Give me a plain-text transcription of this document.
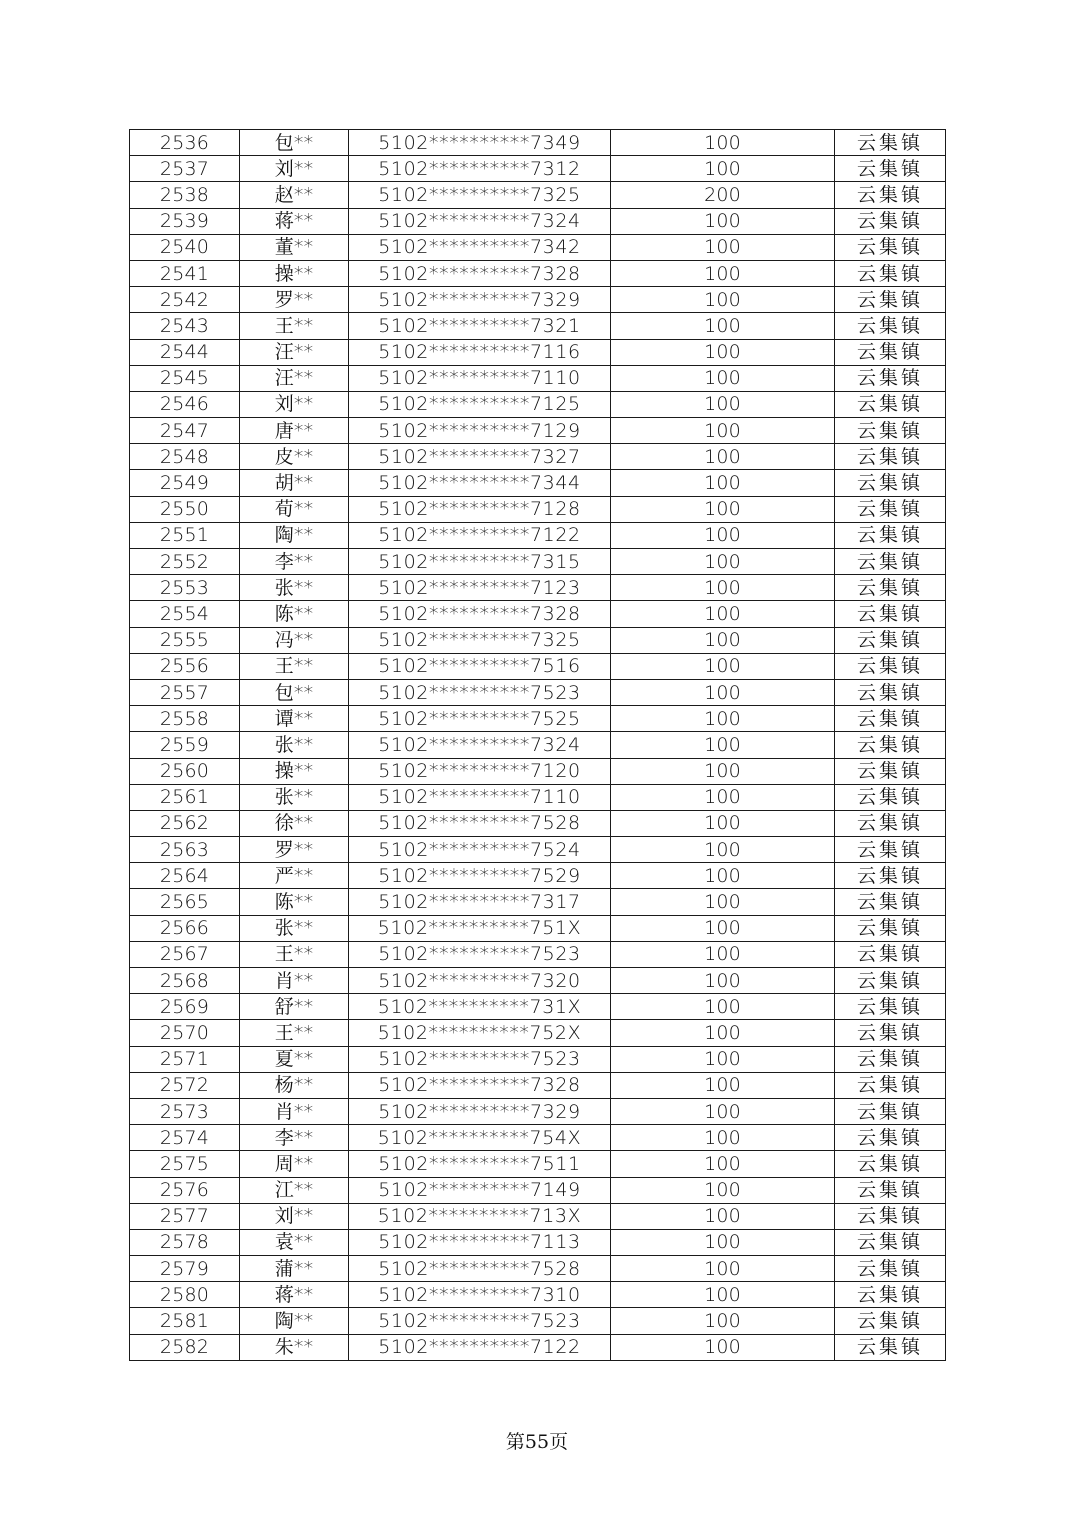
2536	包**	5102**********7349	100	云集镇
2537	刘**	5102**********7312	100	云集镇
2538	赵**	5102**********7325	200	云集镇
2539	蒋**	5102**********7324	100	云集镇
2540	董**	5102**********7342	100	云集镇
2541	操**	5102**********7328	100	云集镇
2542	罗**	5102**********7329	100	云集镇
2543	王**	5102**********7321	100	云集镇
2544	汪**	5102**********7116	100	云集镇
2545	汪**	5102**********7110	100	云集镇
2546	刘**	5102**********7125	100	云集镇
2547	唐**	5102**********7129	100	云集镇
2548	皮**	5102**********7327	100	云集镇
2549	胡**	5102**********7344	100	云集镇
2550	荀**	5102**********7128	100	云集镇
2551	陶**	5102**********7122	100	云集镇
2552	李**	5102**********7315	100	云集镇
2553	张**	5102**********7123	100	云集镇
2554	陈**	5102**********7328	100	云集镇
2555	冯**	5102**********7325	100	云集镇
2556	王**	5102**********7516	100	云集镇
2557	包**	5102**********7523	100	云集镇
2558	谭**	5102**********7525	100	云集镇
2559	张**	5102**********7324	100	云集镇
2560	操**	5102**********7120	100	云集镇
2561	张**	5102**********7110	100	云集镇
2562	徐**	5102**********7528	100	云集镇
2563	罗**	5102**********7524	100	云集镇
2564	严**	5102**********7529	100	云集镇
2565	陈**	5102**********7317	100	云集镇
2566	张**	5102**********751X	100	云集镇
2567	王**	5102**********7523	100	云集镇
2568	肖**	5102**********7320	100	云集镇
2569	舒**	5102**********731X	100	云集镇
2570	王**	5102**********752X	100	云集镇
2571	夏**	5102**********7523	100	云集镇
2572	杨**	5102**********7328	100	云集镇
2573	肖**	5102**********7329	100	云集镇
2574	李**	5102**********754X	100	云集镇
2575	周**	5102**********7511	100	云集镇
2576	江**	5102**********7149	100	云集镇
2577	刘**	5102**********713X	100	云集镇
2578	袁**	5102**********7113	100	云集镇
2579	蒲**	5102**********7528	100	云集镇
2580	蒋**	5102**********7310	100	云集镇
2581	陶**	5102**********7523	100	云集镇
2582	朱**	5102**********7122	100	云集镇
第55页
